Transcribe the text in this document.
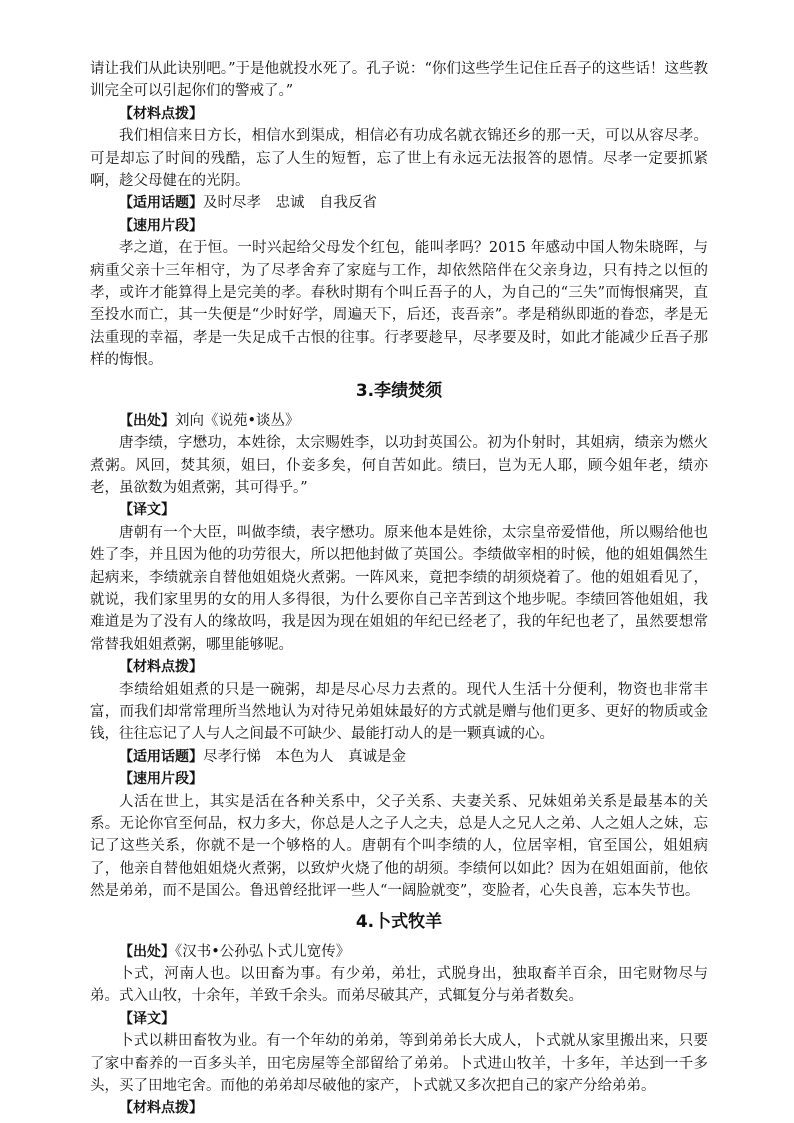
请让我们从此诀别吧。”于是他就投水死了。孔子说：“你们这些学生记住丘吾子的这些话！这些教训完全可以引起你们的警戒了。”

【材料点拨】

我们相信来日方长，相信水到渠成，相信必有功成名就衣锦还乡的那一天，可以从容尽孝。可是却忘了时间的残酷，忘了人生的短暂，忘了世上有永远无法报答的恩情。尽孝一定要抓紧啊，趁父母健在的光阴。

【适用话题】及时尽孝　忠诚　自我反省

【速用片段】

孝之道，在于恒。一时兴起给父母发个红包，能叫孝吗？2015 年感动中国人物朱晓晖，与病重父亲十三年相守，为了尽孝舍弃了家庭与工作，却依然陪伴在父亲身边，只有持之以恒的孝，或许才能算得上是完美的孝。春秋时期有个叫丘吾子的人，为自己的“三失”而悔恨痛哭，直至投水而亡，其一失便是“少时好学，周遍天下，后还，丧吾亲”。孝是稍纵即逝的眷恋，孝是无法重现的幸福，孝是一失足成千古恨的往事。行孝要趁早，尽孝要及时，如此才能减少丘吾子那样的悔恨。

3.李绩焚须

【出处】刘向《说苑•谈丛》

唐李绩，字懋功，本姓徐，太宗赐姓李，以功封英国公。初为仆射时，其姐病，绩亲为燃火煮粥。风回，焚其须，姐曰，仆妾多矣，何自苦如此。绩曰，岂为无人耶，顾今姐年老，绩亦老，虽欲数为姐煮粥，其可得乎。”

【译文】

唐朝有一个大臣，叫做李绩，表字懋功。原来他本是姓徐，太宗皇帝爱惜他，所以赐给他也姓了李，并且因为他的功劳很大，所以把他封做了英国公。李绩做宰相的时候，他的姐姐偶然生起病来，李绩就亲自替他姐姐烧火煮粥。一阵风来，竟把李绩的胡须烧着了。他的姐姐看见了，就说，我们家里男的女的用人多得很，为什么要你自己辛苦到这个地步呢。李绩回答他姐姐，我难道是为了没有人的缘故吗，我是因为现在姐姐的年纪已经老了，我的年纪也老了，虽然要想常常替我姐姐煮粥，哪里能够呢。

【材料点拨】

李绩给姐姐煮的只是一碗粥，却是尽心尽力去煮的。现代人生活十分便利，物资也非常丰富，而我们却常常理所当然地认为对待兄弟姐妹最好的方式就是赠与他们更多、更好的物质或金钱，往往忘记了人与人之间最不可缺少、最能打动人的是一颗真诚的心。

【适用话题】尽孝行悌　本色为人　真诚是金

【速用片段】

人活在世上，其实是活在各种关系中，父子关系、夫妻关系、兄妹姐弟关系是最基本的关系。无论你官至何品，权力多大，你总是人之子人之夫，总是人之兄人之弟、人之姐人之妹，忘记了这些关系，你就不是一个够格的人。唐朝有个叫李绩的人，位居宰相，官至国公，姐姐病了，他亲自替他姐姐烧火煮粥，以致炉火烧了他的胡须。李绩何以如此？因为在姐姐面前，他依然是弟弟，而不是国公。鲁迅曾经批评一些人“一阔脸就变”，变脸者，心失良善，忘本失节也。

4.卜式牧羊

【出处】《汉书•公孙弘卜式儿宽传》

卜式，河南人也。以田畜为事。有少弟，弟壮，式脱身出，独取畜羊百余，田宅财物尽与弟。式入山牧，十余年，羊致千余头。而弟尽破其产，式辄复分与弟者数矣。

【译文】

卜式以耕田畜牧为业。有一个年幼的弟弟，等到弟弟长大成人，卜式就从家里搬出来，只要了家中畜养的一百多头羊，田宅房屋等全部留给了弟弟。卜式进山牧羊，十多年，羊达到一千多头，买了田地宅舍。而他的弟弟却尽破他的家产，卜式就又多次把自己的家产分给弟弟。

【材料点拨】
